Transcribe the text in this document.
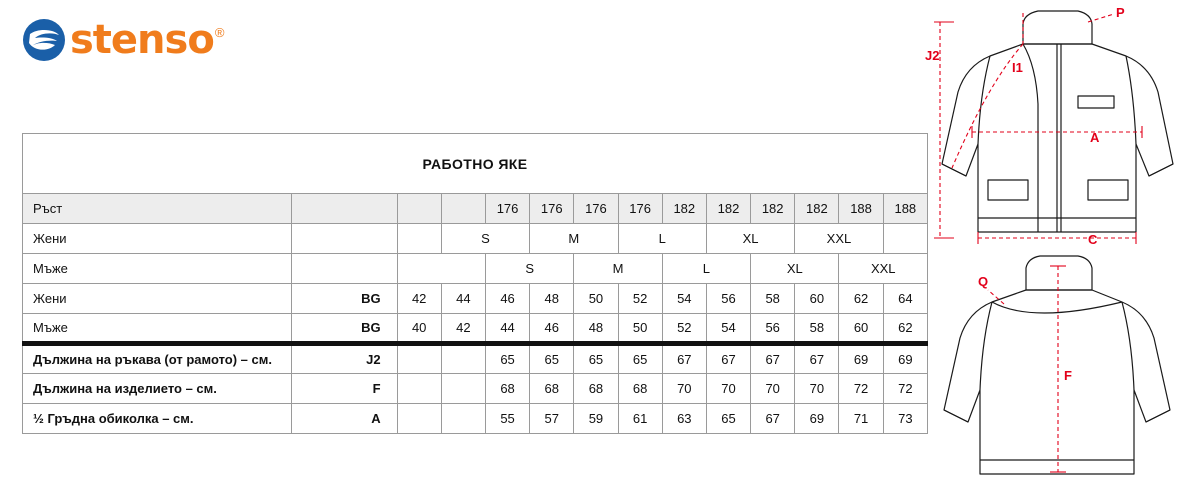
stenso ®
РАБОТНО ЯКЕ													
Ръст				176	176	176	176	182	182	182	182	188	188
Жени			S		M		L		XL		XXL		
Мъже				S		M		L		XL		XXL	
Жени	BG	42	44	46	48	50	52	54	56	58	60	62	64
Мъже	BG	40	42	44	46	48	50	52	54	56	58	60	62
Дължина на ръкава (от рамото) – см.	J2			65	65	65	65	67	67	67	67	69	69
Дължина на изделието – см.	F			68	68	68	68	70	70	70	70	72	72
½ Гръдна обиколка – см.	A			55	57	59	61	63	65	67	69	71	73
P
J2
I1
A
C
Q
F
